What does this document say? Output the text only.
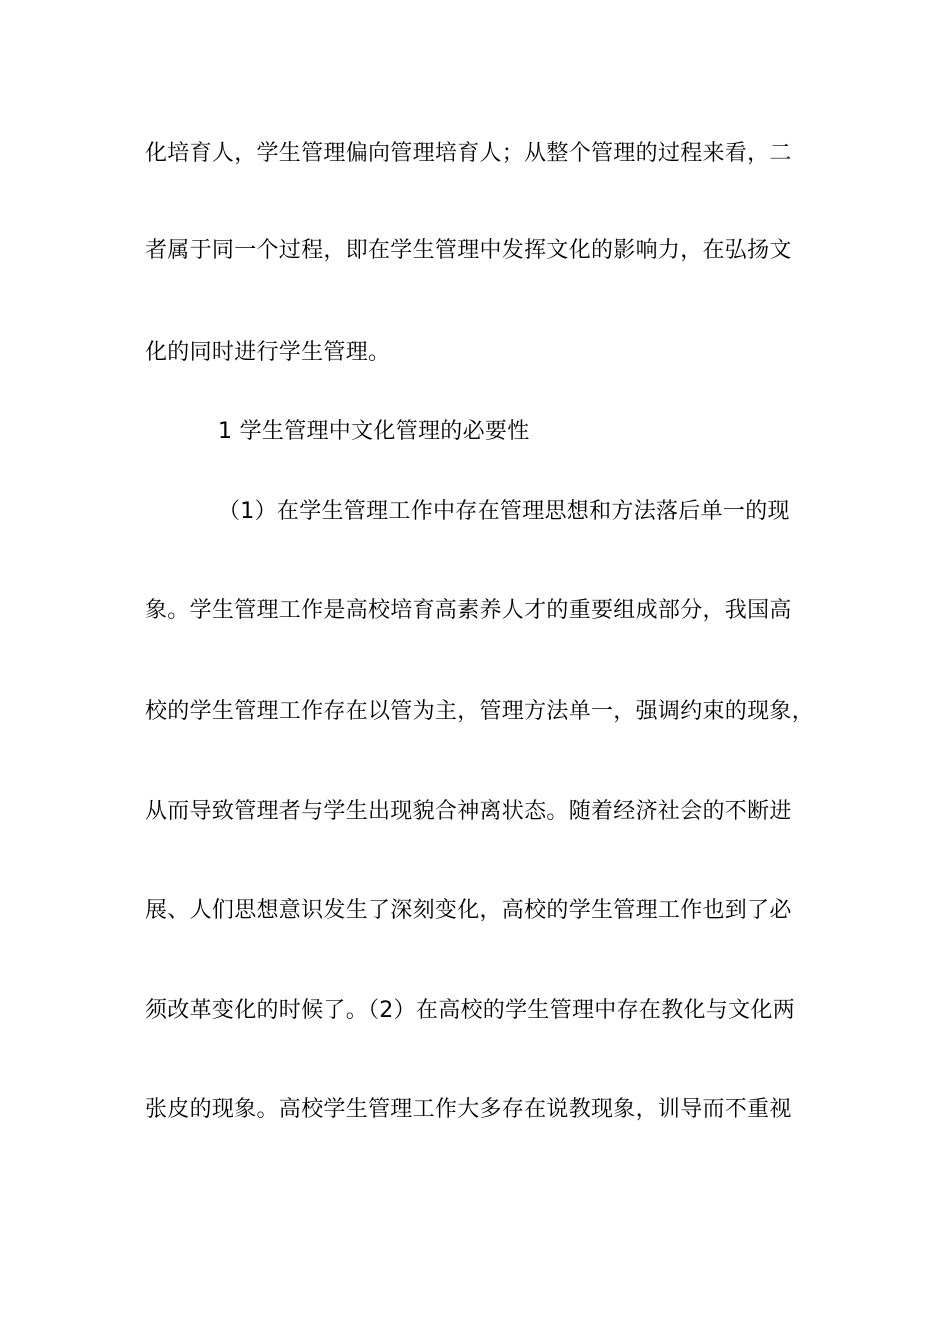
化培育人，学生管理偏向管理培育人；从整个管理的过程来看，二
者属于同一个过程，即在学生管理中发挥文化的影响力，在弘扬文
化的同时进行学生管理。
1 学生管理中文化管理的必要性
（1）在学生管理工作中存在管理思想和方法落后单一的现
象。学生管理工作是高校培育高素养人才的重要组成部分，我国高
校的学生管理工作存在以管为主，管理方法单一，强调约束的现象，
从而导致管理者与学生出现貌合神离状态。随着经济社会的不断进
展、人们思想意识发生了深刻变化，高校的学生管理工作也到了必
须改革变化的时候了。（2）在高校的学生管理中存在教化与文化两
张皮的现象。高校学生管理工作大多存在说教现象，训导而不重视
